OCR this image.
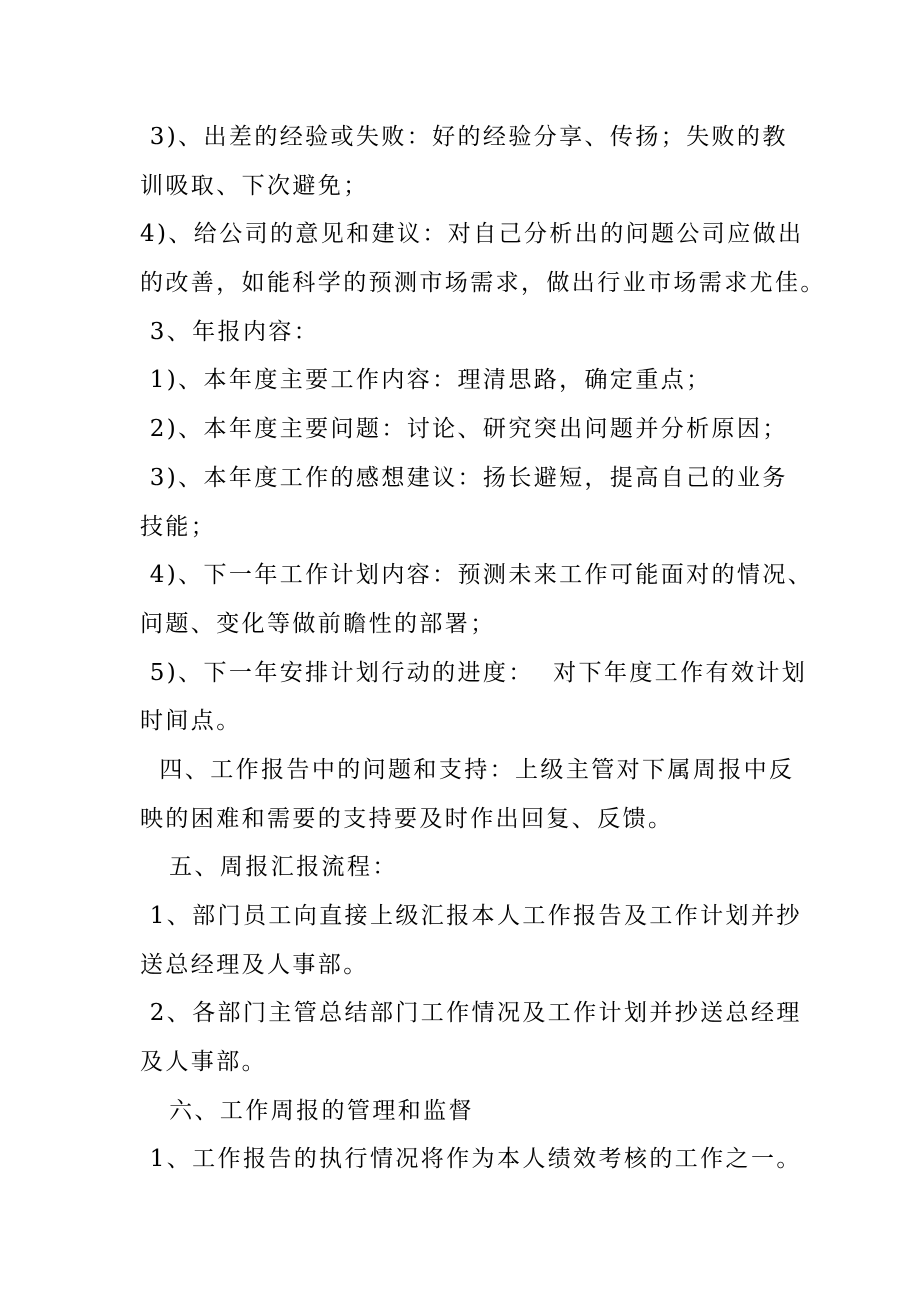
3)、出差的经验或失败：好的经验分享、传扬；失败的教
训吸取、下次避免；
4)、给公司的意见和建议：对自己分析出的问题公司应做出
的改善，如能科学的预测市场需求，做出行业市场需求尤佳。
3、年报内容：
1)、本年度主要工作内容：理清思路，确定重点；
2)、本年度主要问题：讨论、研究突出问题并分析原因；
3)、本年度工作的感想建议：扬长避短，提高自己的业务
技能；
4)、下一年工作计划内容：预测未来工作可能面对的情况、
问题、变化等做前瞻性的部署；
5)、下一年安排计划行动的进度：  对下年度工作有效计划
时间点。
四、工作报告中的问题和支持：上级主管对下属周报中反
映的困难和需要的支持要及时作出回复、反馈。
五、周报汇报流程：
1、部门员工向直接上级汇报本人工作报告及工作计划并抄
送总经理及人事部。
2、各部门主管总结部门工作情况及工作计划并抄送总经理
及人事部。
六、工作周报的管理和监督
1、工作报告的执行情况将作为本人绩效考核的工作之一。
